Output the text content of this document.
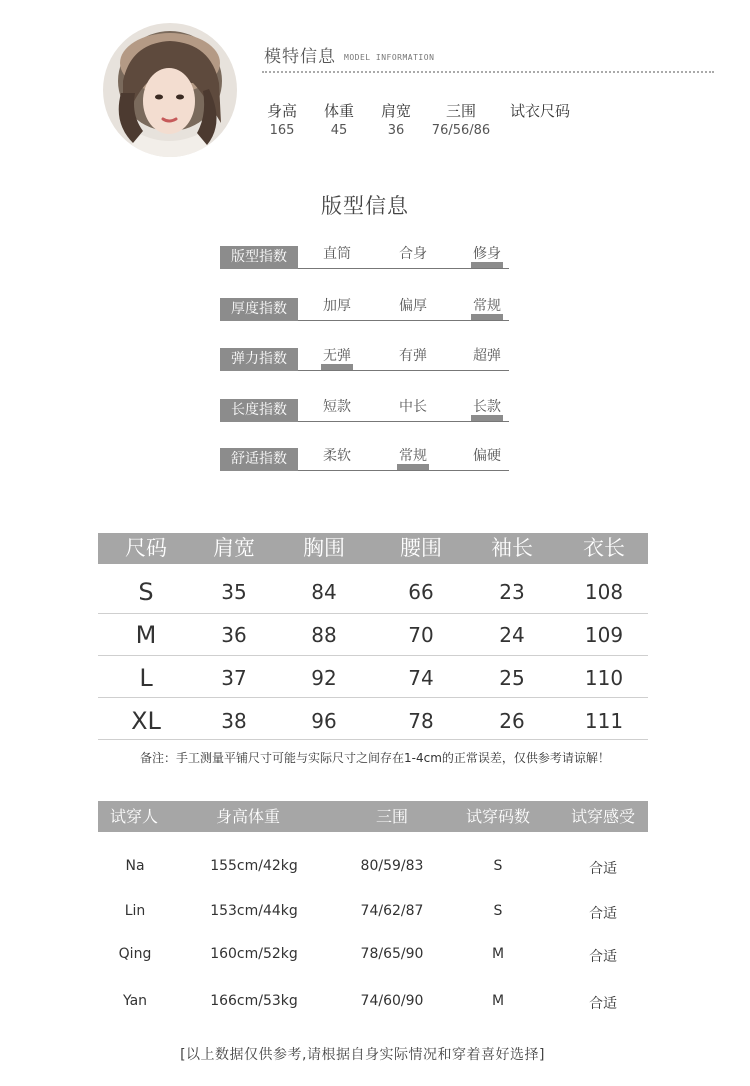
模特信息 MODEL INFORMATION
身高 体重 肩宽 三围 试衣尺码
165	45	36 76/56/86
版型信息
版型指数	直筒	合身	修身
厚度指数	加厚	偏厚	常规
弹力指数	无弹	有弹	超弹
长度指数	短款	中长	长款
舒适指数	柔软	常规	偏硬
尺码 肩宽 胸围	腰围 袖长 衣长
S	35	84	66	23	108
M	36	88	70	24	109
L	37	92	74	25	110
XL	38	96	78	26	111
备注：手工测量平铺尺寸可能与实际尺寸之间存在1-4cm的正常误差，仅供参考请谅解！
试穿人	身高体重	三围	试穿码数	试穿感受
Na	155cm/42kg	80/59/83	S	合适
Lin	153cm/44kg	74/62/87	S	合适
Qing	160cm/52kg	78/65/90	M	合适
Yan	166cm/53kg	74/60/90	M	合适
[以上数据仅供参考,请根据自身实际情况和穿着喜好选择]
